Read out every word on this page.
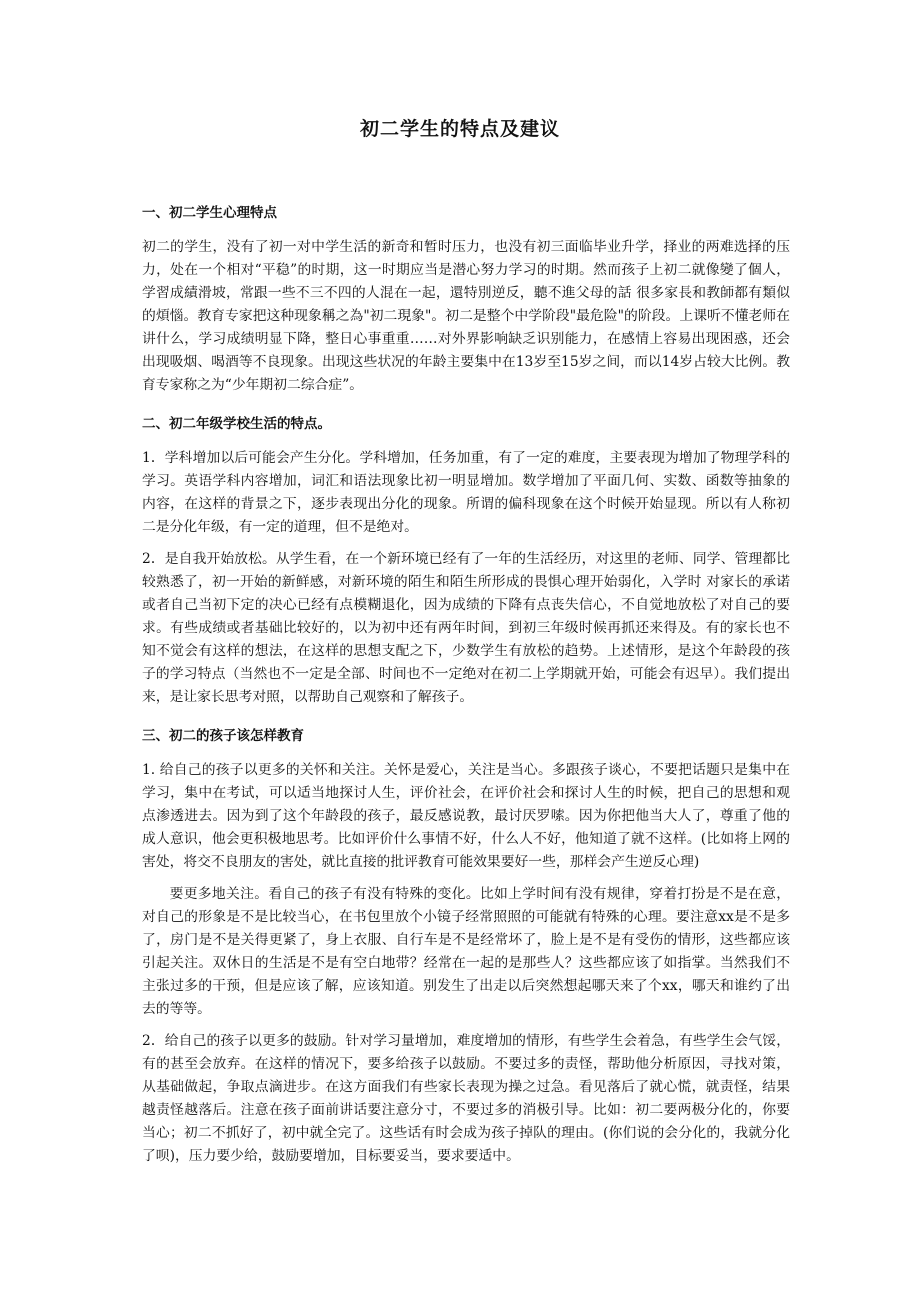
初二学生的特点及建议
一、初二学生心理特点

初二的学生，没有了初一对中学生活的新奇和暂时压力，也没有初三面临毕业升学，择业的两难选择的压力，处在一个相对“平稳”的时期，这一时期应当是潜心努力学习的时期。然而孩子上初二就像變了個人，学習成績滑坡，常跟一些不三不四的人混在一起，還特別逆反，聽不進父母的話 很多家長和教師都有類似的煩惱。教育专家把这种现象稱之為"初二現象"。初二是整个中学阶段"最危险"的阶段。上课听不懂老师在讲什么，学习成绩明显下降，整日心事重重……对外界影响缺乏识别能力，在感情上容易出现困惑，还会出现吸烟、喝酒等不良现象。出现这些状况的年龄主要集中在13岁至15岁之间，而以14岁占较大比例。教育专家称之为“少年期初二综合症”。

二、初二年级学校生活的特点。

1．学科增加以后可能会产生分化。学科增加，任务加重，有了一定的难度，主要表现为增加了物理学科的学习。英语学科内容增加，词汇和语法现象比初一明显增加。数学增加了平面几何、实数、函数等抽象的内容，在这样的背景之下，逐步表现出分化的现象。所谓的偏科现象在这个时候开始显现。所以有人称初二是分化年级，有一定的道理，但不是绝对。

2．是自我开始放松。从学生看，在一个新环境已经有了一年的生活经历，对这里的老师、同学、管理都比较熟悉了，初一开始的新鲜感，对新环境的陌生和陌生所形成的畏惧心理开始弱化，入学时 对家长的承诺或者自己当初下定的决心已经有点模糊退化，因为成绩的下降有点丧失信心，不自觉地放松了对自己的要求。有些成绩或者基础比较好的，以为初中还有两年时间，到初三年级时候再抓还来得及。有的家长也不知不觉会有这样的想法，在这样的思想支配之下，少数学生有放松的趋势。上述情形，是这个年龄段的孩子的学习特点（当然也不一定是全部、时间也不一定绝对在初二上学期就开始，可能会有迟早）。我们提出来，是让家长思考对照，以帮助自己观察和了解孩子。

三、初二的孩子该怎样教育

1. 给自己的孩子以更多的关怀和关注。关怀是爱心，关注是当心。多跟孩子谈心，不要把话题只是集中在学习，集中在考试，可以适当地探讨人生，评价社会，在评价社会和探讨人生的时候，把自己的思想和观点渗透进去。因为到了这个年龄段的孩子，最反感说教，最讨厌罗嗦。因为你把他当大人了，尊重了他的成人意识，他会更积极地思考。比如评价什么事情不好，什么人不好，他知道了就不这样。(比如将上网的害处，将交不良朋友的害处，就比直接的批评教育可能效果要好一些，那样会产生逆反心理)

要更多地关注。看自己的孩子有没有特殊的变化。比如上学时间有没有规律，穿着打扮是不是在意，对自己的形象是不是比较当心，在书包里放个小镜子经常照照的可能就有特殊的心理。要注意xx是不是多了，房门是不是关得更紧了，身上衣服、自行车是不是经常坏了，脸上是不是有受伤的情形，这些都应该引起关注。双休日的生活是不是有空白地带？经常在一起的是那些人？这些都应该了如指掌。当然我们不主张过多的干预，但是应该了解，应该知道。别发生了出走以后突然想起哪天来了个xx，哪天和谁约了出去的等等。

2．给自己的孩子以更多的鼓励。针对学习量增加，难度增加的情形，有些学生会着急，有些学生会气馁，有的甚至会放弃。在这样的情况下，要多给孩子以鼓励。不要过多的责怪，帮助他分析原因，寻找对策，从基础做起，争取点滴进步。在这方面我们有些家长表现为操之过急。看见落后了就心慌，就责怪，结果越责怪越落后。注意在孩子面前讲话要注意分寸，不要过多的消极引导。比如：初二要两极分化的，你要当心；初二不抓好了，初中就全完了。这些话有时会成为孩子掉队的理由。(你们说的会分化的，我就分化了呗)，压力要少给，鼓励要增加，目标要妥当，要求要适中。
